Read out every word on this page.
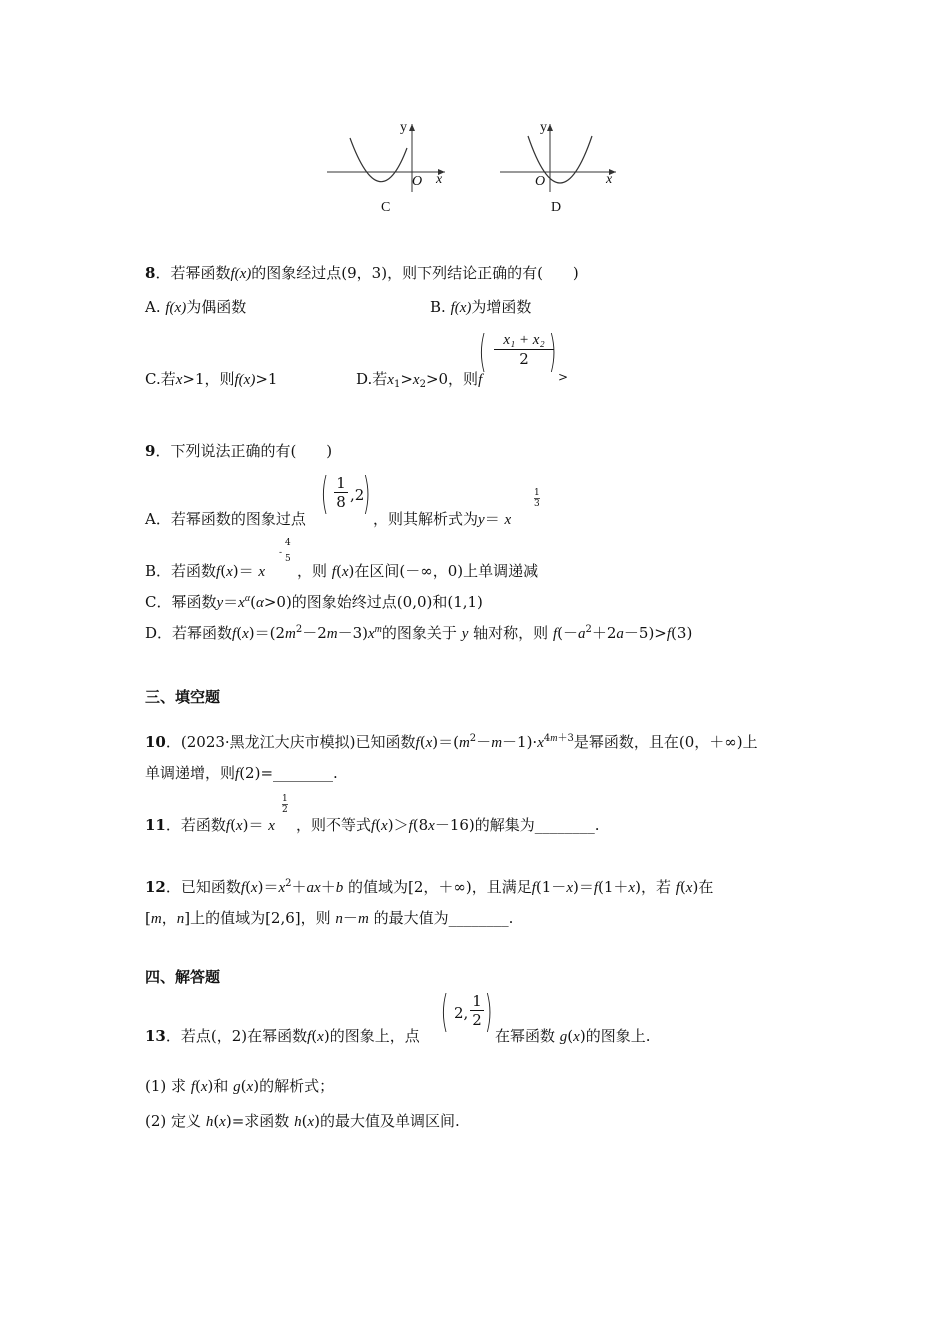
y
O x
C
y
O	x
D
8．若幂函数f(x)的图象经过点(9，3)，则下列结论正确的有(　　)
A. f(x)为偶函数	B. f(x)为增函数
C.若x>1，则f(x)>1	D.若$x_1>x_2>0$，则f
( $\frac{\text{x₁ + x₂}}{2}$
) >
9．下列说法正确的有(　　)
A．若幂函数的图象过点 ( $\frac{1}{8} ,2$
) ，则其解析式为y＝ x
1
3
B．若函数f(x)＝ x
-
4
5
，则 f(x)在区间(－∞，0)上单调递减
C．幂函数$y=x^\alpha(\alpha>0)$的图象始终过点(0,0)和(1,1)
D．若幂函数$f(x)=(2m^2-2m-3)x^m$的图象关于 y 轴对称，则 $f(-a^2+2a-5)>f(3)$
三、填空题
10．(2023·黑龙江大庆市模拟)已知函数$f(x)=(m^2-m-1)\cdot x^{4m+3}$是幂函数，且在(0，＋∞)上
单调递增，则f(2)=________.
11．若函数f(x)＝ x
1
2
，则不等式f(x)＞f(8x－16)的解集为________.
12．已知函数$f(x)=x^2+ax+b$ 的值域为[2，＋∞)，且满足f(1－x)＝f(1＋x)，若 f(x)在
[m，n]上的值域为[2,6]，则 n－m 的最大值为________.
四、解答题
13．若点(，2)在幂函数f(x)的图象上，点 ( 2, $\frac{1}{2}$ ) 在幂函数 g(x)的图象上.
(1) 求 f(x)和 g(x)的解析式；
(2) 定义 h(x)=求函数 h(x)的最大值及单调区间.
